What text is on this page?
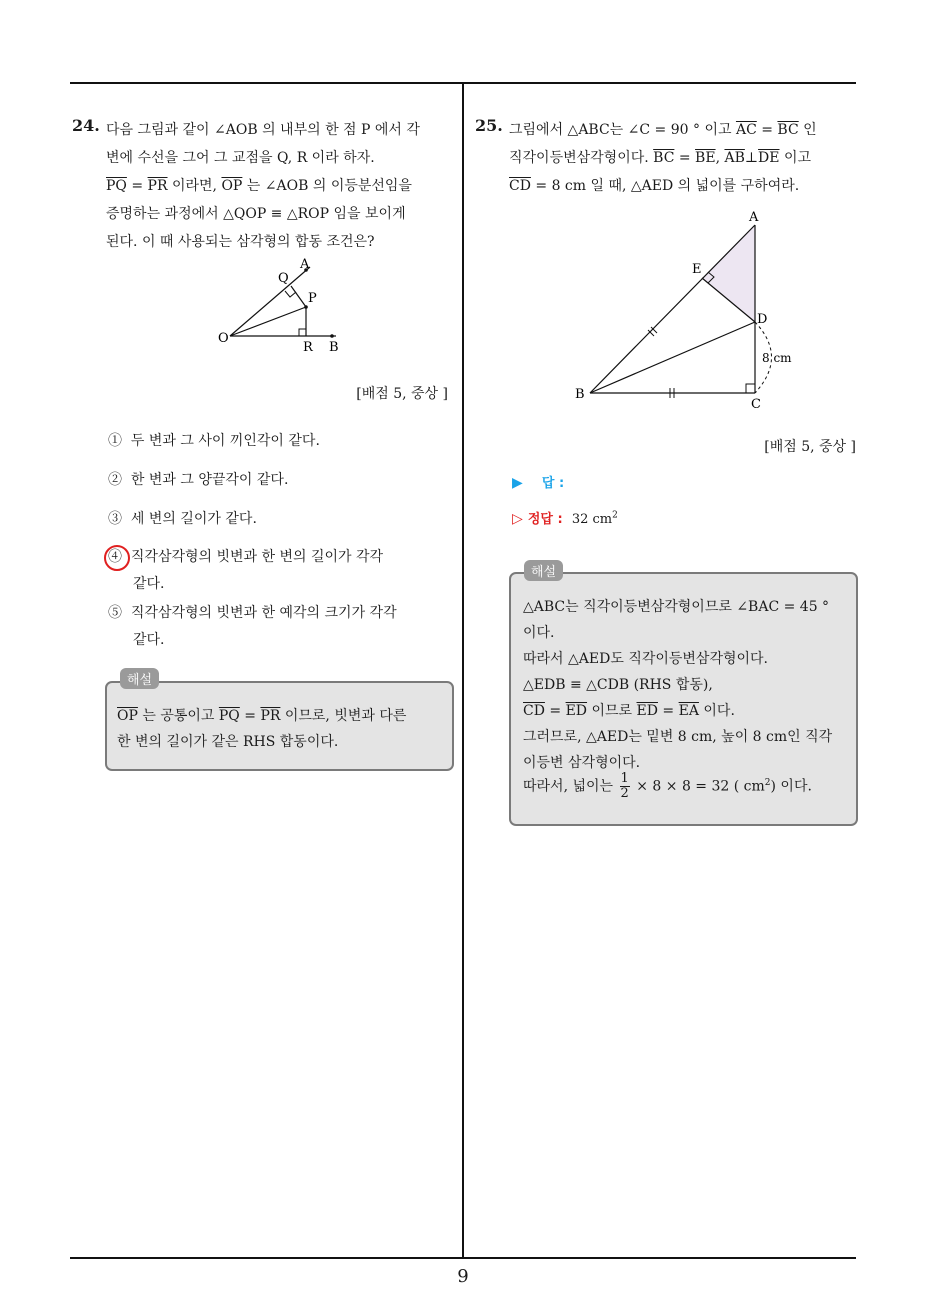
9
24. 다음 그림과 같이 ∠AOB 의 내부의 한 점 P 에서 각
변에 수선을 그어 그 교점을 Q, R 이라 하자.
$\overline{PQ} = \overline{PR}$ 이라면, $\overline{OP}$ 는 ∠AOB 의 이등분선임을
증명하는 과정에서 △QOP ≡ △ROP 임을 보이게
된다. 이 때 사용되는 삼각형의 합동 조건은?
A
Q
P
O
R B
[배점 5, 중상 ]
① 두 변과 그 사이 끼인각이 같다.
② 한 변과 그 양끝각이 같다.
③ 세 변의 길이가 같다.
④ 직각삼각형의 빗변과 한 변의 길이가 각각
같다.
⑤ 직각삼각형의 빗변과 한 예각의 크기가 각각
같다.
$\overline{OP}$ 는 공통이고 $\overline{PQ} = \overline{PR}$ 이므로, 빗변과 다른
한 변의 길이가 같은 RHS 합동이다.
해설
25. 그림에서 △ABC는 ∠C = 90 ° 이고 $\overline{AC} = \overline{BC}$ 인
직각이등변삼각형이다. $\overline{BC} = \overline{BE}$, $\overline{AB}\perp\overline{DE}$ 이고
$\overline{CD} = 8$ cm 일 때, △AED 의 넓이를 구하여라.
A
E
D
B
C
8 cm
[배점 5, 중상 ]
▶ 답 :
▷ 정답 : 32 $cm^2$
△ABC는 직각이등변삼각형이므로 ∠BAC = 45 °
이다.
따라서 △AED도 직각이등변삼각형이다.
△EDB ≡ △CDB (RHS 합동),
$\overline{CD} = \overline{ED}$ 이므로 $\overline{ED} = \overline{EA}$ 이다.
그러므로, △AED는 밑변 8 cm, 높이 8 cm인 직각
이등변 삼각형이다.
따라서, 넓이는 $\frac{1}{2} \times 8 \times 8 = 32$ ( $cm^2$) 이다.
해설
